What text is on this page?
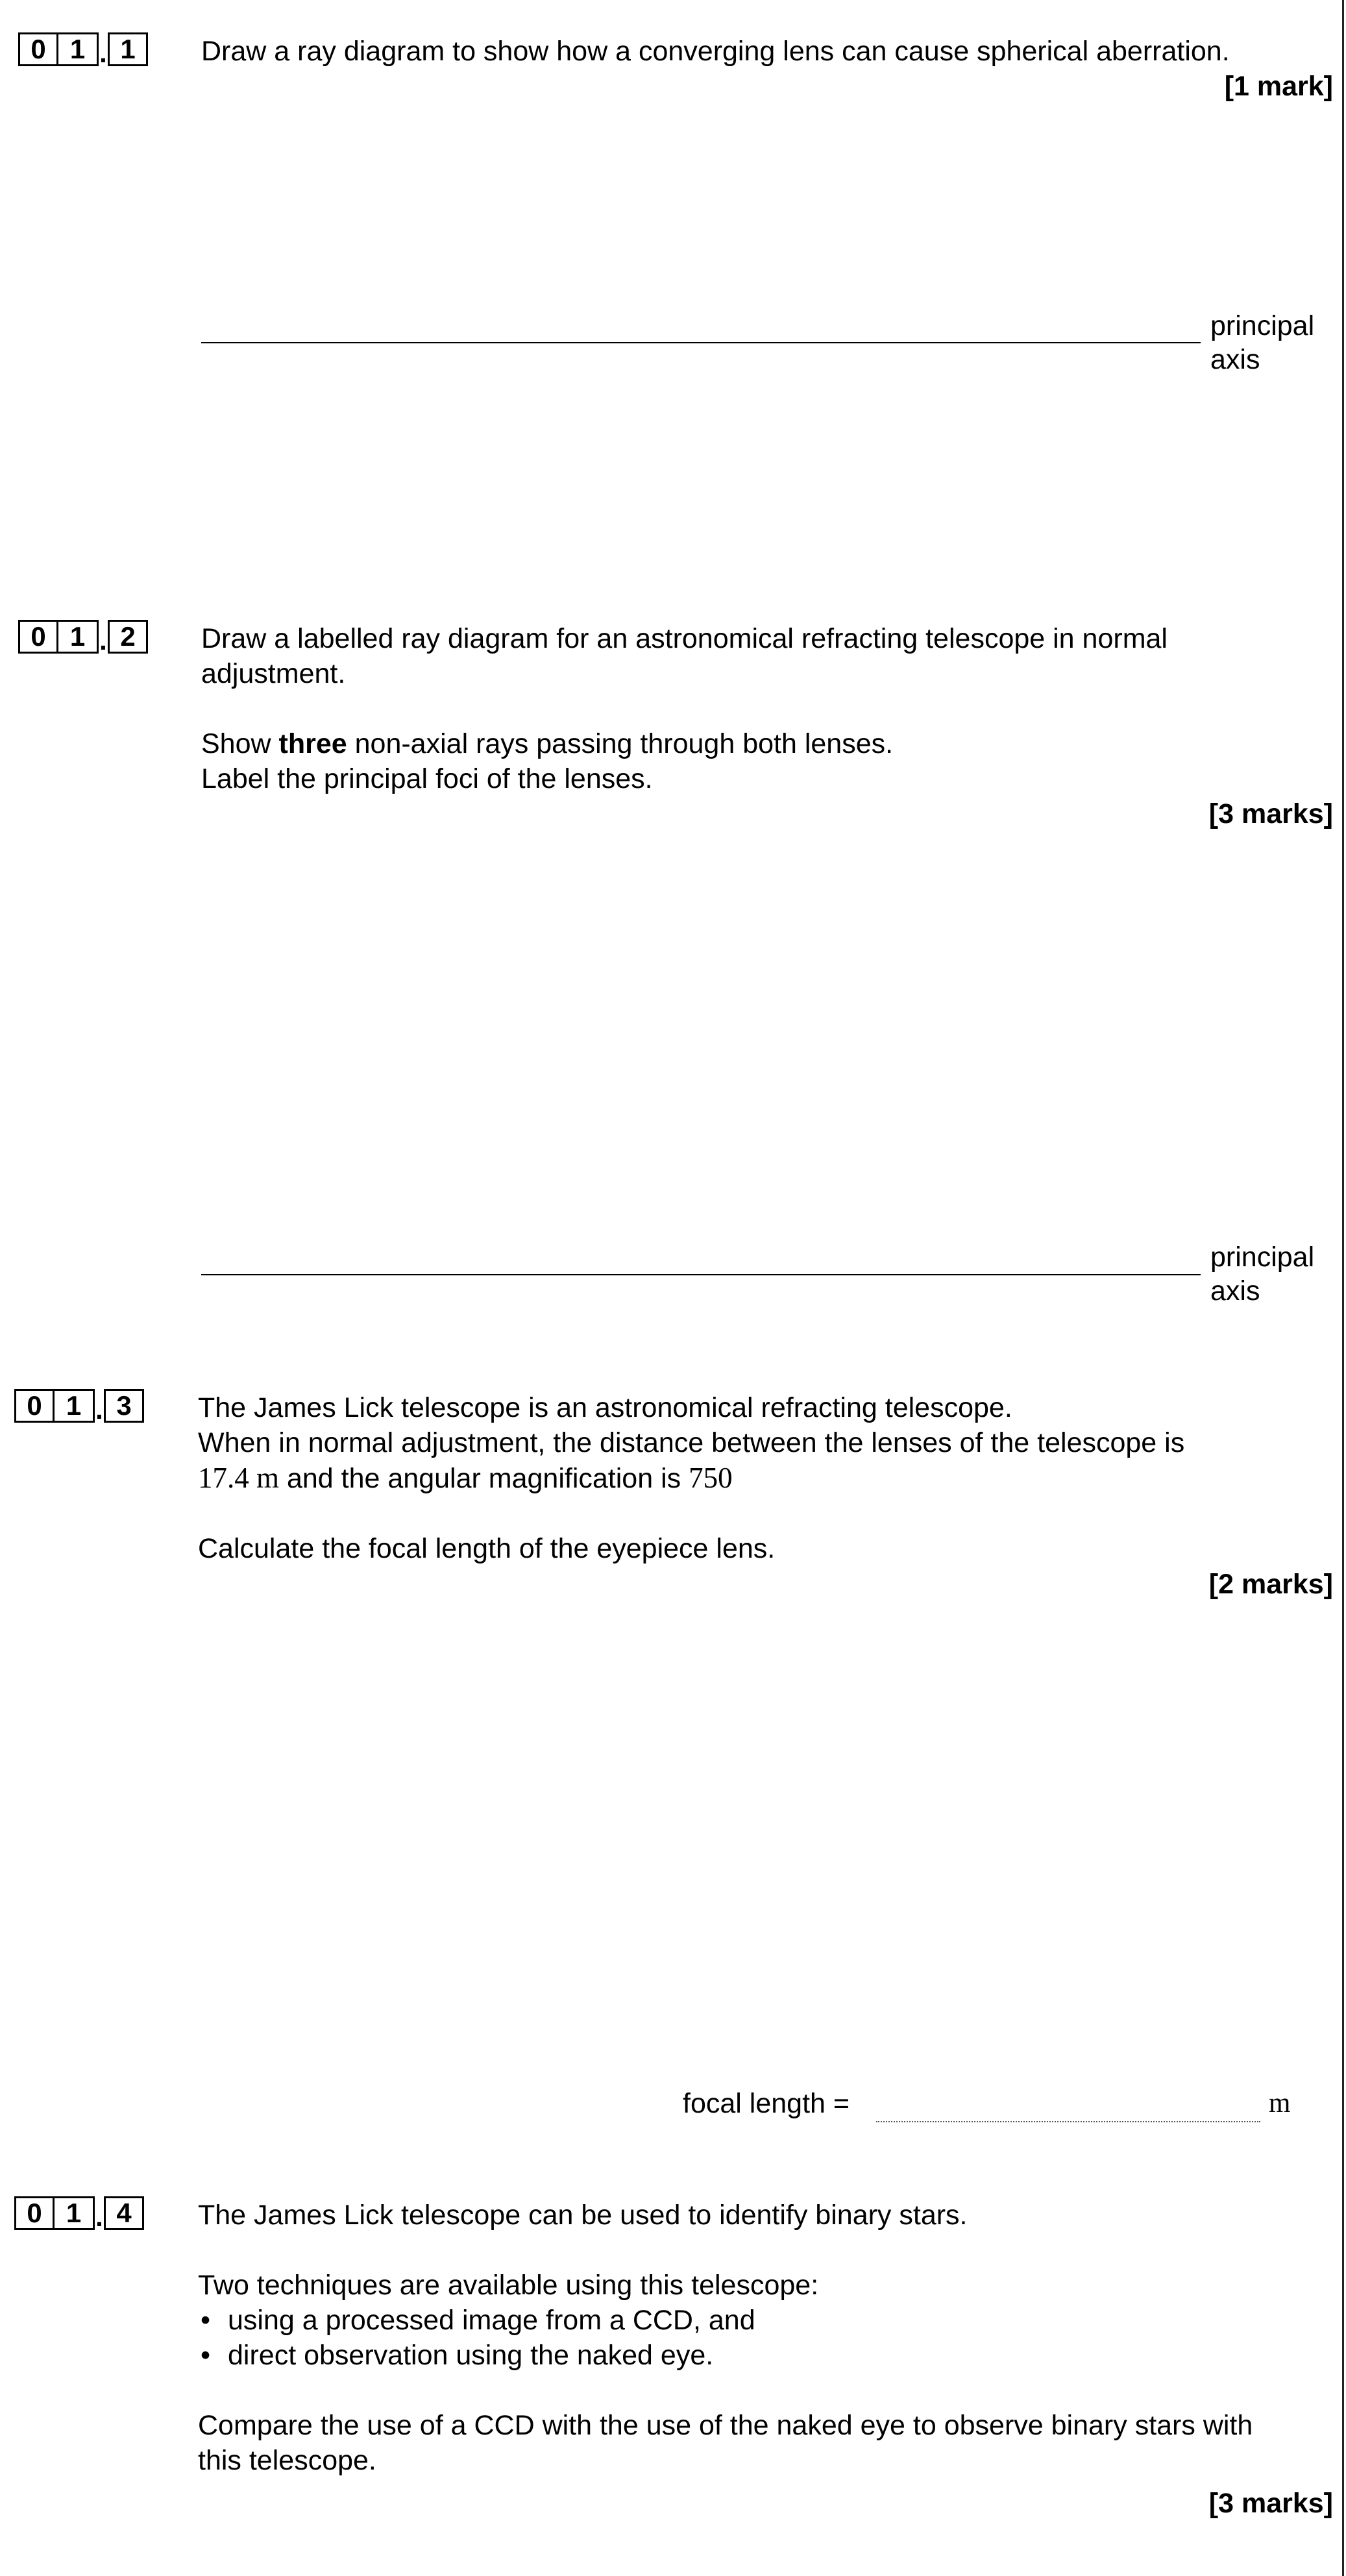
0 1 . 1	Draw a ray diagram to show how a converging lens can cause spherical aberration.

[1 mark]
principal
axis
0 1 . 2	Draw a labelled ray diagram for an astronomical refracting telescope in normal

adjustment.

Show three non-axial rays passing through both lenses.

Label the principal foci of the lenses.

[3 marks]
principal
axis
0 1 . 3	The James Lick telescope is an astronomical refracting telescope.

When in normal adjustment, the distance between the lenses of the telescope is

17.4 m and the angular magnification is 750

Calculate the focal length of the eyepiece lens.

[2 marks]
focal length =	m
0 1 . 4	The James Lick telescope can be used to identify binary stars.

Two techniques are available using this telescope:

• using a processed image from a CCD, and
• direct observation using the naked eye.

Compare the use of a CCD with the use of the naked eye to observe binary stars with

this telescope.

[3 marks]
